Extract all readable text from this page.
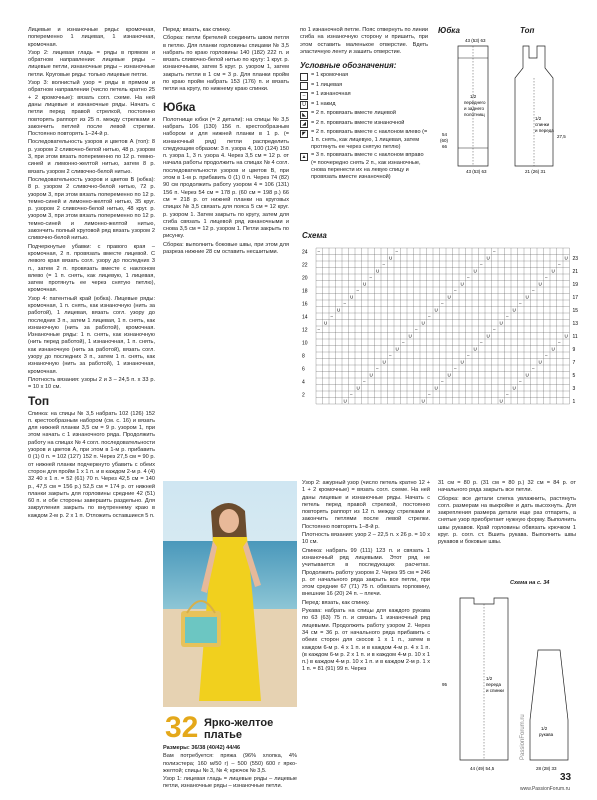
Лицевые и изнаночные ряды: кромочная, попеременно 1 лицевая, 1 изнаночная, кромочная.

Узор 2: лицевая гладь = ряды в прямом и обратном направлении: лицевые ряды – лицевые петли, изнаночные ряды – изнаночные петли. Круговые ряды: только лицевые петли.

Узор 3: волнистый узор = ряды в прямом и обратном направлении (число петель кратно 25 + 2 кромочные): вязать согл. схеме. На ней даны лицевые и изнаночные ряды. Начать с петли перед правой стрелкой, постоянно повторять раппорт из 25 п. между стрелками и закончить петлей после левой стрелки. Постоянно повторять 1–24-й р.

Последовательность узоров и цветов А (топ): 8 р. узором 2 сливочно-белой нитью, 48 р. узором 3, при этом вязать попеременно по 12 р. темно-синей и лимонно-желтой нитью, затем 8 р. вязать узором 2 сливочно-белой нитью.

Последовательность узоров и цветов В (юбка): 8 р. узором 2 сливочно-белой нитью, 72 р. узором 3, при этом вязать попеременно по 12 р. темно-синей и лимонно-желтой нитью, 35 круг. р. узором 2 сливочно-белой нитью, 48 круг. р. узором 3, при этом вязать попеременно по 12 р. темно-синей и лимонно-желтой нитью, закончить полный круговой ряд вязать узором 2 сливочно-белой нитью.

Подчеркнутые убавки: с правого края – кромочная, 2 п. провязать вместе лицевой. С левого края вязать согл. узору до последних 3 п., затем 2 п. провязать вместе с наклоном влево (= 1 п. снять, как лицевую, 1 лицевая, затем протянуть ее через снятую петлю), кромочная.

Узор 4: патентный край (юбка). Лицевые ряды: кромочная, 1 п. снять, как изнаночную (нить за работой), 1 лицевая, вязать согл. узору до последних 3 п., затем 1 лицевая, 1 п. снять, как изнаночную (нить за работой), кромочная. Изнаночные ряды: 1 п. снять, как изнаночную (нить перед работой), 1 изнаночная, 1 п. снять, как изнаночную (нить за работой), вязать согл. узору до последних 3 п., затем 1 п. снять, как изнаночную (нить за работой), 1 изнаночная, кромочная.

Плотность вязания: узоры 2 и 3 – 24,5 п. x 33 р. = 10 x 10 см.

Топ

Спинка: на спицы № 3,5 набрать 102 (126) 152 п. крестообразным набором (см. с. 16) и вязать для нижней планки 3,5 см = 9 р. узором 1, при этом начать с 1 изнаночного ряда. Продолжить работу на спицах № 4 согл. последовательности узоров и цветов А, при этом в 1-м р. прибавить 0 (1) 0 п. = 102 (127) 152 п. Через 27,5 см = 90 р. от нижней планки подчеркнуто убавить с обеих сторон для пройм 1 x 1 п. и в каждом 2-м р. 4 (4) 32 40 x 1 п. = 52 (61) 70 п. Через 42,5 см = 140 р., 47,5 см = 156 р.) 52,5 см = 174 р. от нижней планки закрыть для горловины средние 42 (51) 60 п. и обе стороны завершить раздельно. Для закругления закрыть по внутреннему краю в каждом 2-м р. 2 x 1 п. Отложить оставшиеся 5 п.

Перед: вязать, как спинку.

Сборка: петли бретелей соединить швом петля в петлю. Для планки горловины спицами № 3,5 набрать по краю горловины 140 (182) 222 п. и вязать сливочно-белой нитью по кругу: 1 круг. р. изнаночными, затем 5 круг. р. узором 1, затем закрыть петли в 1 см = 3 р. Для планки пройм по краю пройм набрать 153 (176) п. и вязать петли на кругу, по нижнему краю спинки.

Юбка

Полотнище юбки (= 2 детали): на спицы № 3,5 набрать 106 (130) 156 п. крестообразным набором и для нижней планки в 1 р. (= изнаночный ряд) петли распределить следующим образом: 3 п. узора 4, 100 (124) 150 п. узора 1, 3 п. узора 4. Через 3,5 см = 12 р. от начала работы продолжить на спицах № 4 согл. последовательности узоров и цветов В, при этом в 1-м р. прибавить 0 (1) 0 п. Через 74 (82) 90 см продолжить работу узором 4 = 106 (131) 156 п. Через 54 см = 178 р. (60 см = 198 р.) 66 см = 218 р. от нижней планки на круговых спицах № 3,5 связать для пояса 5 см = 12 круг. р. узором 1. Затем закрыть по кругу, затем для сгиба связать 1 лицевой ряд изнаночными и снова 3,5 см = 12 р. узором 1. Петли закрыть по рисунку.

Сборка: выполнить боковые швы, при этом для разреза нижние 28 см оставить несшитыми.

по 1 изнаночной петле. Пояс отвернуть по линии сгиба на изнаночную сторону и пришить, при этом оставить маленькое отверстие. Вдеть эластичную ленту и зашить отверстие.

Условные обозначения:
= 1 кромочная
= 1 лицевая
–	= 1 изнаночная
U = 1 накид
◣ = 2 п. провязать вместе лицевой
◢ = 2 п. провязать вместе изнаночной
◤ = 2 п. провязать вместе с наклоном влево (= 1 п. снять, как лицевую, 1 лицевая, затем протянуть ее через снятую петлю)
▲ = 3 п. провязать вместе с наклоном вправо (= поочередно снять 2 п., как изнаночные, снова перенести их на левую спицу и провязать вместе изнаночной)
Юбка	Топ
1/2
переднего
и заднего
полотнищ
54
(60)
66
43 (53) 63
43 (53) 63
1/2
спинки
и переда
27,5
21 (26) 31
Схема
1
2
3
4
5
6
7
8
9
10
11
12
13
14
15
16
17
18
19
20
21
22
23
24
U	U	U
–	–	–
U	U	U
–	–	–
U	U	U
–	–	–
U	U	U
–	–	–
U	U	U
–	–	–
U	U	U
–	–
–
U	U
U
–	–
–
U	U
U
–	–
–
U	U
U
–	–
–
U	U
U
–	–
–
U	U
U
–	–
–
U	U
U
–
–	–
32 Ярко-желтое платье

Размеры: 36/38 (40/42) 44/46

Вам потребуется: пряжа (96% хлопка, 4% полиэстера; 160 м/50 г) – 500 (550) 600 г ярко-желтой; спицы № 3, № 4; крючок № 3,5.

Узор 1: лицевая гладь = лицевые ряды – лицевые петли, изнаночные ряды – изнаночные петли.

Узор 2: ажурный узор (число петель кратно 12 + 1 + 2 кромочные) = вязать согл. схеме. На ней даны лицевые и изнаночные ряды. Начать с петель перед правой стрелкой, постоянно повторять раппорт из 12 п. между стрелками и закончить петлями после левой стрелки. Постоянно повторять 1–8-й р.

Плотность вязания: узор 2 – 22,5 п. x 26 р. = 10 x 10 см.

Спинка: набрать 99 (111) 123 п. и связать 1 изнаночный ряд лицевыми. Этот ряд не учитывается в последующих расчетах. Продолжить работу узором 2. Через 95 см = 246 р. от начального ряда закрыть все петли, при этом средние 67 (71) 75 п. обвязать горловину, внешние 16 (20) 24 п. – плечи.

Перед: вязать, как спинку.

Рукава: набрать на спицы для каждого рукава по 63 (63) 75 п. и связать 1 изнаночный ряд лицевыми. Продолжить работу узором 2. Через 34 см = 36 р. от начального ряда прибавить с обеих сторон для скосов 1 x 1 п., затем в каждом 6-м р. 4 x 1 п. и в каждом 4-м р. 4 x 1 п. (в каждом 6-м р. 2 x 1 п. и в каждом 4-м р. 10 x 1 п.) в каждом 4-м р. 10 x 1 п. и в каждом 2-м р. 1 x 1 п. = 81 (91) 99 п. Через

31 см = 80 р. (31 см = 80 р.) 32 см = 84 р. от начального ряда закрыть все петли.

Сборка: все детали слегка увлажнить, растянуть согл. размерам на выкройке и дать высохнуть. Для закрепления размера детали еще раз отпарить, а снятые узор приобретает нужную форму. Выполнить швы рукавов. Край горловины обвязать крючком 1 круг. р. согл. ст. Вшить рукава. Выполнить швы рукавов и боковые швы.

Схема на с. 34
1/2
переда
и спинки
95
44 (49) 54,5
1/2
рукава
28 (28) 33
33
www.PassionForum.ru
PassionForum.ru
